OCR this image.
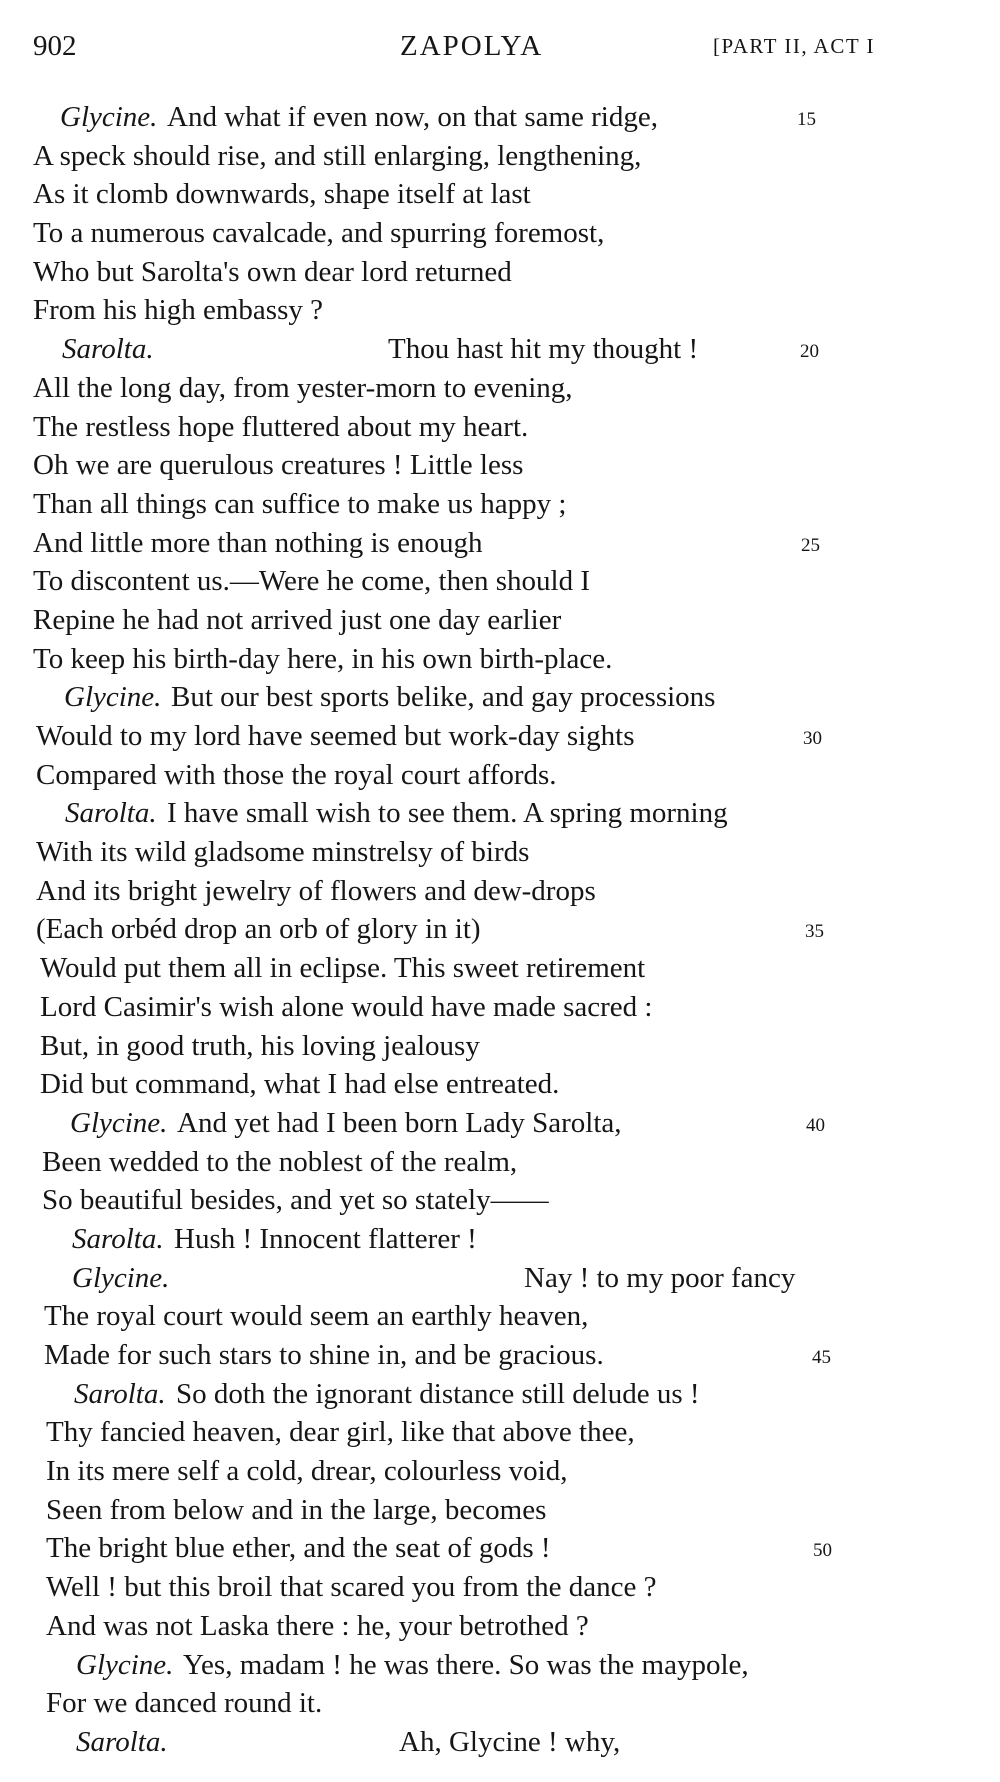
902	ZAPOLYA	[PART II, ACT I
Glycine. And what if even now, on that same ridge,	15
A speck should rise, and still enlarging, lengthening,
As it clomb downwards, shape itself at last
To a numerous cavalcade, and spurring foremost,
Who but Sarolta's own dear lord returned
From his high embassy ?
Sarolta.	Thou hast hit my thought !	20
All the long day, from yester-morn to evening,
The restless hope fluttered about my heart.
Oh we are querulous creatures ! Little less
Than all things can suffice to make us happy ;
And little more than nothing is enough	25
To discontent us.—Were he come, then should I
Repine he had not arrived just one day earlier
To keep his birth-day here, in his own birth-place.
Glycine. But our best sports belike, and gay processions
Would to my lord have seemed but work-day sights	30
Compared with those the royal court affords.
Sarolta. I have small wish to see them. A spring morning
With its wild gladsome minstrelsy of birds
And its bright jewelry of flowers and dew-drops
(Each orbéd drop an orb of glory in it)	35
Would put them all in eclipse. This sweet retirement
Lord Casimir's wish alone would have made sacred :
But, in good truth, his loving jealousy
Did but command, what I had else entreated.
Glycine. And yet had I been born Lady Sarolta,	40
Been wedded to the noblest of the realm,
So beautiful besides, and yet so stately——
Sarolta. Hush ! Innocent flatterer !
Glycine.	Nay ! to my poor fancy
The royal court would seem an earthly heaven,
Made for such stars to shine in, and be gracious.	45
Sarolta. So doth the ignorant distance still delude us !
Thy fancied heaven, dear girl, like that above thee,
In its mere self a cold, drear, colourless void,
Seen from below and in the large, becomes
The bright blue ether, and the seat of gods !	50
Well ! but this broil that scared you from the dance ?
And was not Laska there : he, your betrothed ?
Glycine. Yes, madam ! he was there. So was the maypole,
For we danced round it.
Sarolta.	Ah, Glycine ! why,
